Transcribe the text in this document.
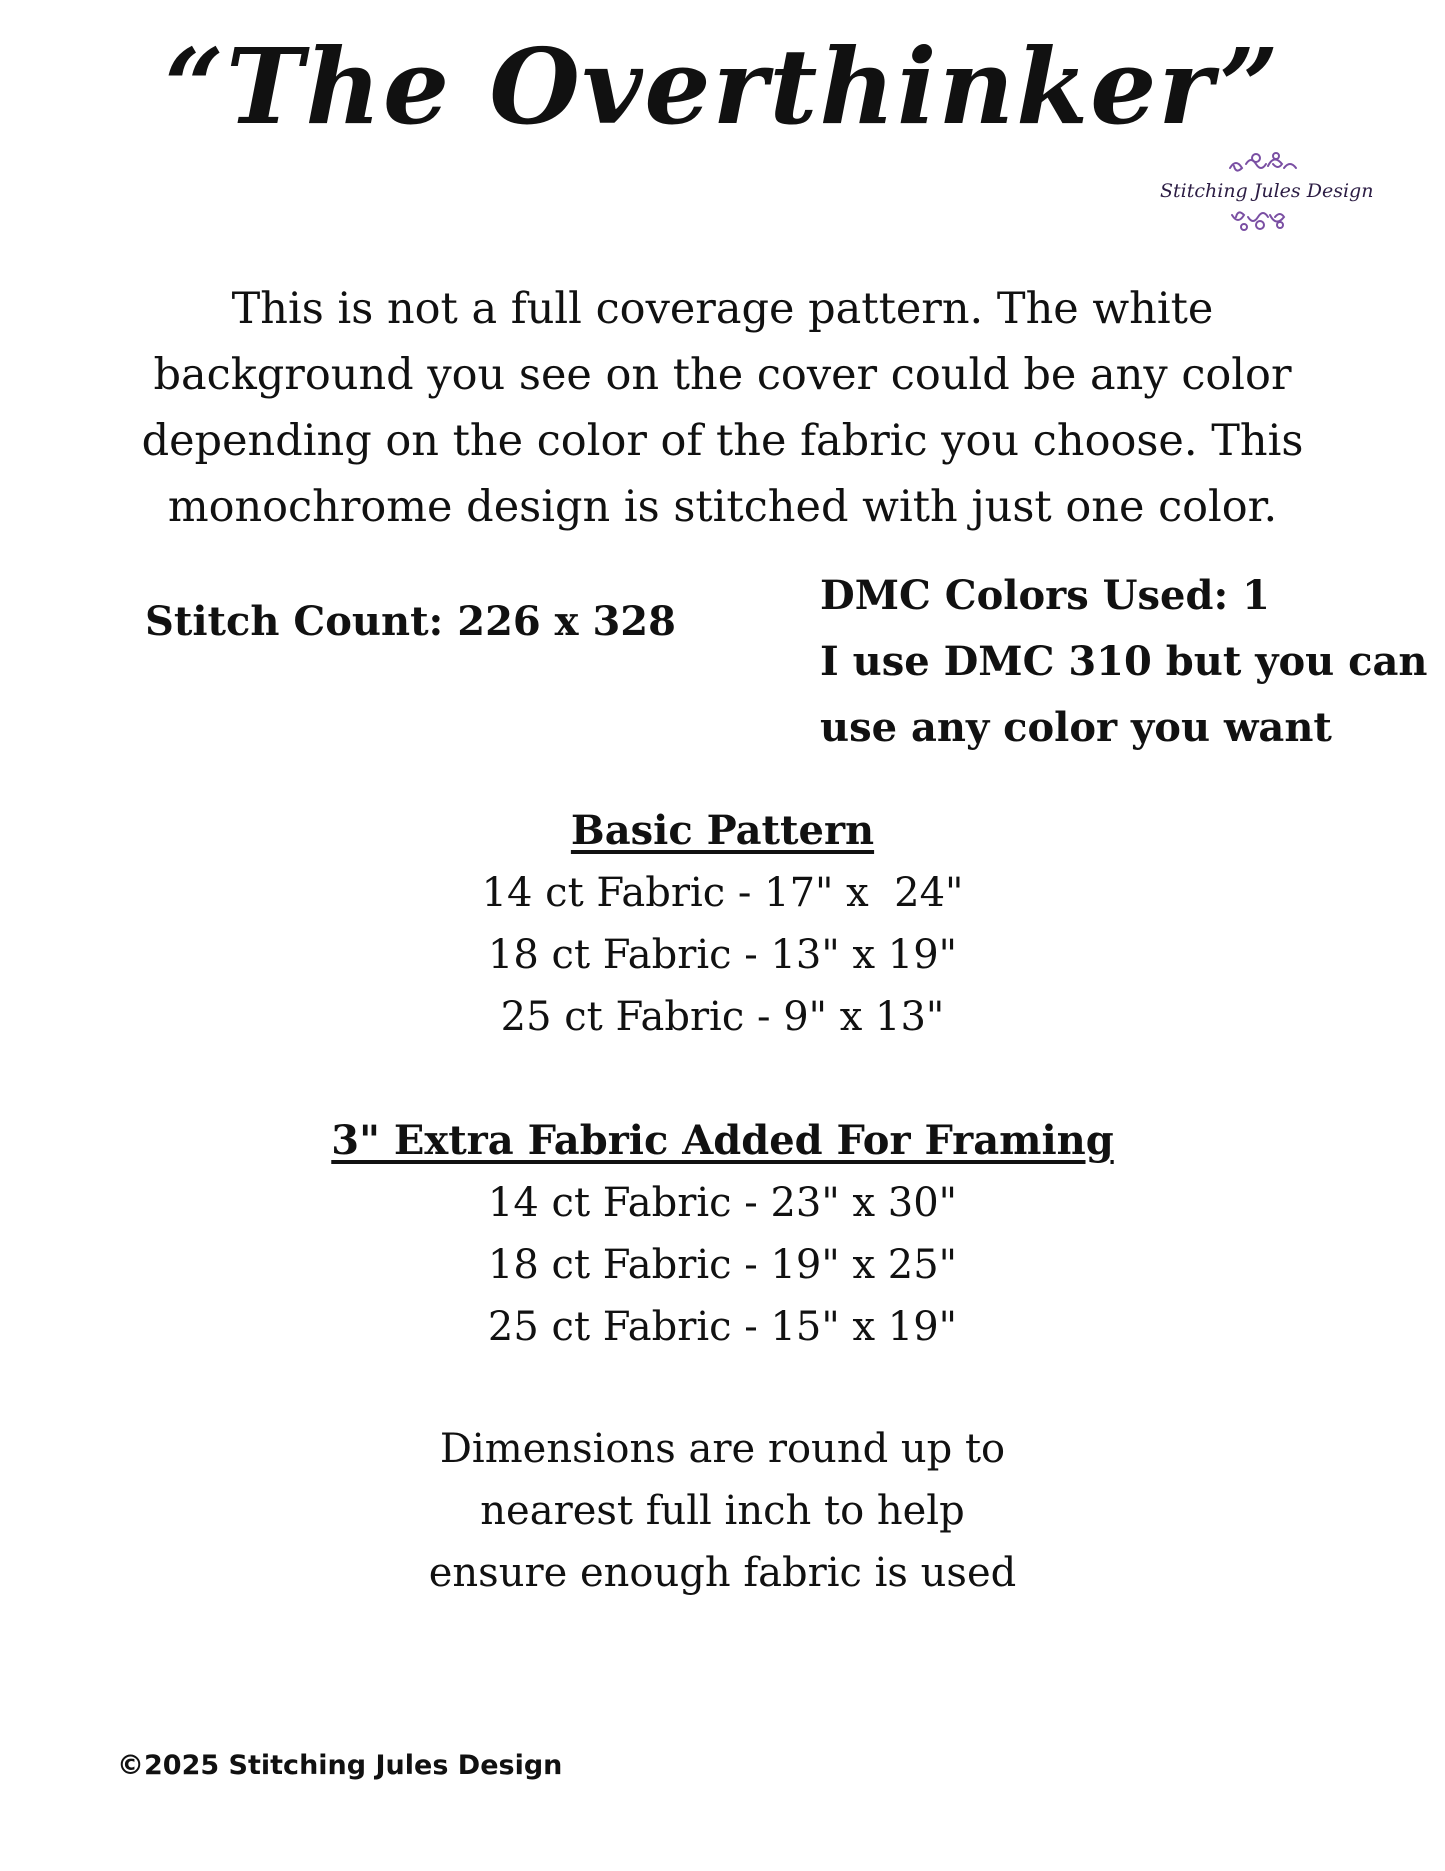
“The Overthinker”
Stitching Jules Design

This is not a full coverage pattern. The white background you see on the cover could be any color depending on the color of the fabric you choose. This monochrome design is stitched with just one color.

Stitch Count: 226 x 328

DMC Colors Used: 1
I use DMC 310 but you can
use any color you want
Basic Pattern
14 ct Fabric - 17" x  24"
18 ct Fabric - 13" x 19"
25 ct Fabric - 9" x 13"
3" Extra Fabric Added For Framing
14 ct Fabric - 23" x 30"
18 ct Fabric - 19" x 25"
25 ct Fabric - 15" x 19"

Dimensions are round up to
nearest full inch to help
ensure enough fabric is used

©2025 Stitching Jules Design
